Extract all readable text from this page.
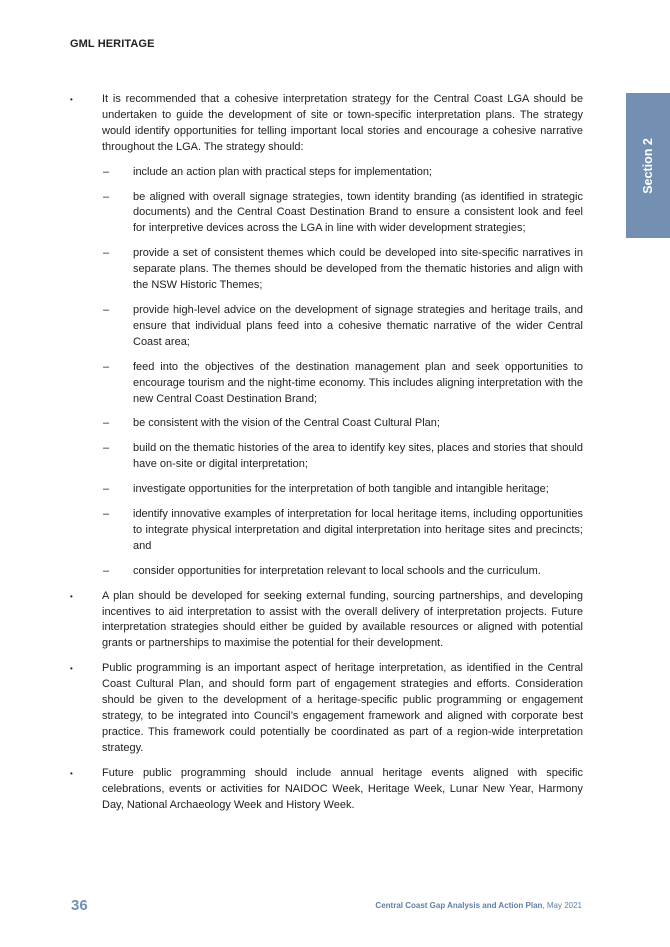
GML HERITAGE
Section 2
•	It is recommended that a cohesive interpretation strategy for the Central Coast LGA should be undertaken to guide the development of site or town-specific interpretation plans. The strategy would identify opportunities for telling important local stories and encourage a cohesive narrative throughout the LGA. The strategy should:
– include an action plan with practical steps for implementation;
– be aligned with overall signage strategies, town identity branding (as identified in strategic documents) and the Central Coast Destination Brand to ensure a consistent look and feel for interpretive devices across the LGA in line with wider development strategies;
– provide a set of consistent themes which could be developed into site-specific narratives in separate plans. The themes should be developed from the thematic histories and align with the NSW Historic Themes;
– provide high-level advice on the development of signage strategies and heritage trails, and ensure that individual plans feed into a cohesive thematic narrative of the wider Central Coast area;
– feed into the objectives of the destination management plan and seek opportunities to encourage tourism and the night-time economy. This includes aligning interpretation with the new Central Coast Destination Brand;
– be consistent with the vision of the Central Coast Cultural Plan;
– build on the thematic histories of the area to identify key sites, places and stories that should have on-site or digital interpretation;
– investigate opportunities for the interpretation of both tangible and intangible heritage;
– identify innovative examples of interpretation for local heritage items, including opportunities to integrate physical interpretation and digital interpretation into heritage sites and precincts; and
– consider opportunities for interpretation relevant to local schools and the curriculum.
•	A plan should be developed for seeking external funding, sourcing partnerships, and developing incentives to aid interpretation to assist with the overall delivery of interpretation projects. Future interpretation strategies should either be guided by available resources or aligned with potential grants or partnerships to maximise the potential for their development.
•	Public programming is an important aspect of heritage interpretation, as identified in the Central Coast Cultural Plan, and should form part of engagement strategies and efforts. Consideration should be given to the development of a heritage-specific public programming or engagement strategy, to be integrated into Council’s engagement framework and aligned with corporate best practice. This framework could potentially be coordinated as part of a region-wide interpretation strategy.
•	Future public programming should include annual heritage events aligned with specific celebrations, events or activities for NAIDOC Week, Heritage Week, Lunar New Year, Harmony Day, National Archaeology Week and History Week.
36	Central Coast Gap Analysis and Action Plan, May 2021
